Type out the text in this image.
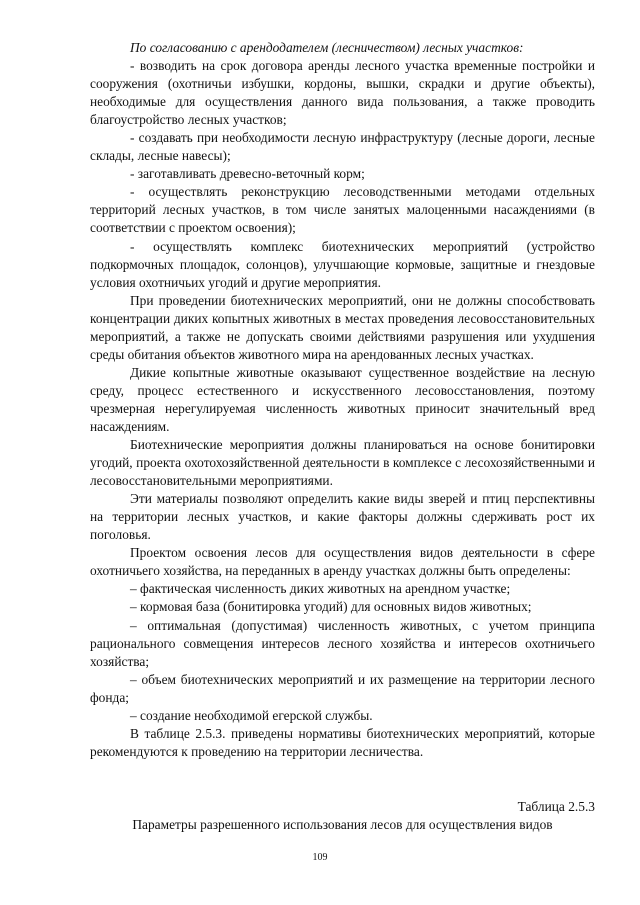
По согласованию с арендодателем (лесничеством) лесных участков:

- возводить на срок договора аренды лесного участка временные постройки и сооружения (охотничьи избушки, кордоны, вышки, скрадки и другие объекты), необходимые для осуществления данного вида пользования, а также проводить благоустройство лесных участков;

- создавать при необходимости лесную инфраструктуру (лесные дороги, лесные склады, лесные навесы);

- заготавливать древесно-веточный корм;

- осуществлять реконструкцию лесоводственными методами отдельных территорий лесных участков, в том числе занятых малоценными насаждениями (в соответствии с проектом освоения);

- осуществлять комплекс биотехнических мероприятий (устройство подкормочных площадок, солонцов), улучшающие кормовые, защитные и гнездовые условия охотничьих угодий и другие мероприятия.

При проведении биотехнических мероприятий, они не должны способствовать концентрации диких копытных животных в местах проведения лесовосстановительных мероприятий, а также не допускать своими действиями разрушения или ухудшения среды обитания объектов животного мира на арендованных лесных участках.

Дикие копытные животные оказывают существенное воздействие на лесную среду, процесс естественного и искусственного лесовосстановления, поэтому чрезмерная нерегулируемая численность животных приносит значительный вред насаждениям.

Биотехнические мероприятия должны планироваться на основе бонитировки угодий, проекта охотохозяйственной деятельности в комплексе с лесохозяйственными и лесовосстановительными мероприятиями.

Эти материалы позволяют определить какие виды зверей и птиц перспективны на территории лесных участков, и какие факторы должны сдерживать рост их поголовья.

Проектом освоения лесов для осуществления видов деятельности в сфере охотничьего хозяйства, на переданных в аренду участках должны быть определены:

– фактическая численность диких животных на арендном участке;

– кормовая база (бонитировка угодий) для основных видов животных;

– оптимальная (допустимая) численность животных, с учетом принципа рационального совмещения интересов лесного хозяйства и интересов охотничьего хозяйства;

– объем биотехнических мероприятий и их размещение на территории лесного фонда;

– создание необходимой егерской службы.

В таблице 2.5.3. приведены нормативы биотехнических мероприятий, которые рекомендуются к проведению на территории лесничества.

Таблица 2.5.3

Параметры разрешенного использования лесов для осуществления видов

109
